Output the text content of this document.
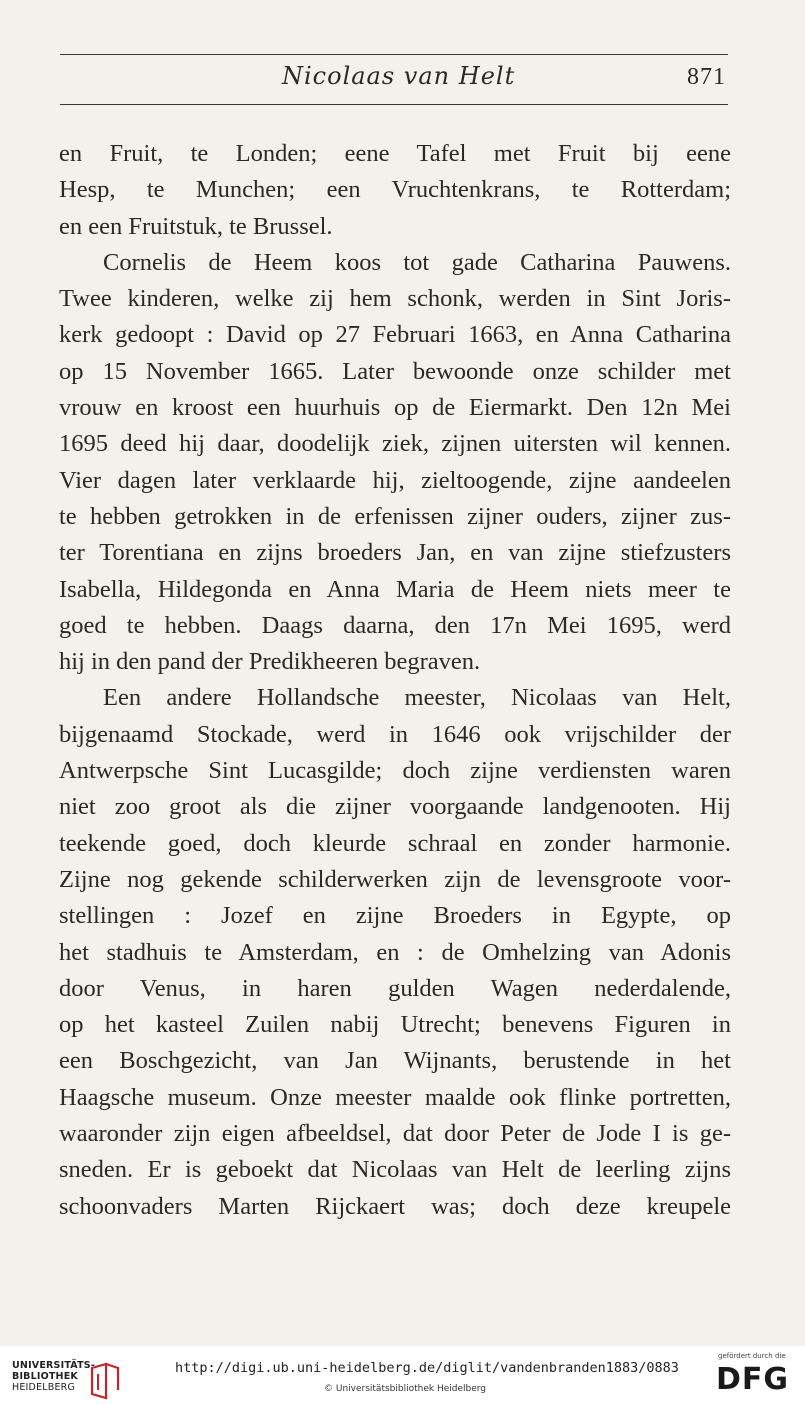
Nicolaas van Helt	871
en Fruit, te Londen; eene Tafel met Fruit bij eene
Hesp, te Munchen; een Vruchtenkrans, te Rotterdam;
en een Fruitstuk, te Brussel.
Cornelis de Heem koos tot gade Catharina Pauwens.
Twee kinderen, welke zij hem schonk, werden in Sint Joris-
kerk gedoopt : David op 27 Februari 1663, en Anna Catharina
op 15 November 1665. Later bewoonde onze schilder met
vrouw en kroost een huurhuis op de Eiermarkt. Den 12n Mei
1695 deed hij daar, doodelijk ziek, zijnen uitersten wil kennen.
Vier dagen later verklaarde hij, zieltoogende, zijne aandeelen
te hebben getrokken in de erfenissen zijner ouders, zijner zus-
ter Torentiana en zijns broeders Jan, en van zijne stiefzusters
Isabella, Hildegonda en Anna Maria de Heem niets meer te
goed te hebben. Daags daarna, den 17n Mei 1695, werd
hij in den pand der Predikheeren begraven.
Een andere Hollandsche meester, Nicolaas van Helt,
bijgenaamd Stockade, werd in 1646 ook vrijschilder der
Antwerpsche Sint Lucasgilde; doch zijne verdiensten waren
niet zoo groot als die zijner voorgaande landgenooten. Hij
teekende goed, doch kleurde schraal en zonder harmonie.
Zijne nog gekende schilderwerken zijn de levensgroote voor-
stellingen : Jozef en zijne Broeders in Egypte, op
het stadhuis te Amsterdam, en : de Omhelzing van Adonis
door Venus, in haren gulden Wagen nederdalende,
op het kasteel Zuilen nabij Utrecht; benevens Figuren in
een Boschgezicht, van Jan Wijnants, berustende in het
Haagsche museum. Onze meester maalde ook flinke portretten,
waaronder zijn eigen afbeeldsel, dat door Peter de Jode I is ge-
sneden. Er is geboekt dat Nicolaas van Helt de leerling zijns
schoonvaders Marten Rijckaert was; doch deze kreupele
UNIVERSITÄTS-
BIBLIOTHEK
HEIDELBERG
http://digi.ub.uni-heidelberg.de/diglit/vandenbranden1883/0883
© Universitätsbibliothek Heidelberg
gefördert durch die
DFG
